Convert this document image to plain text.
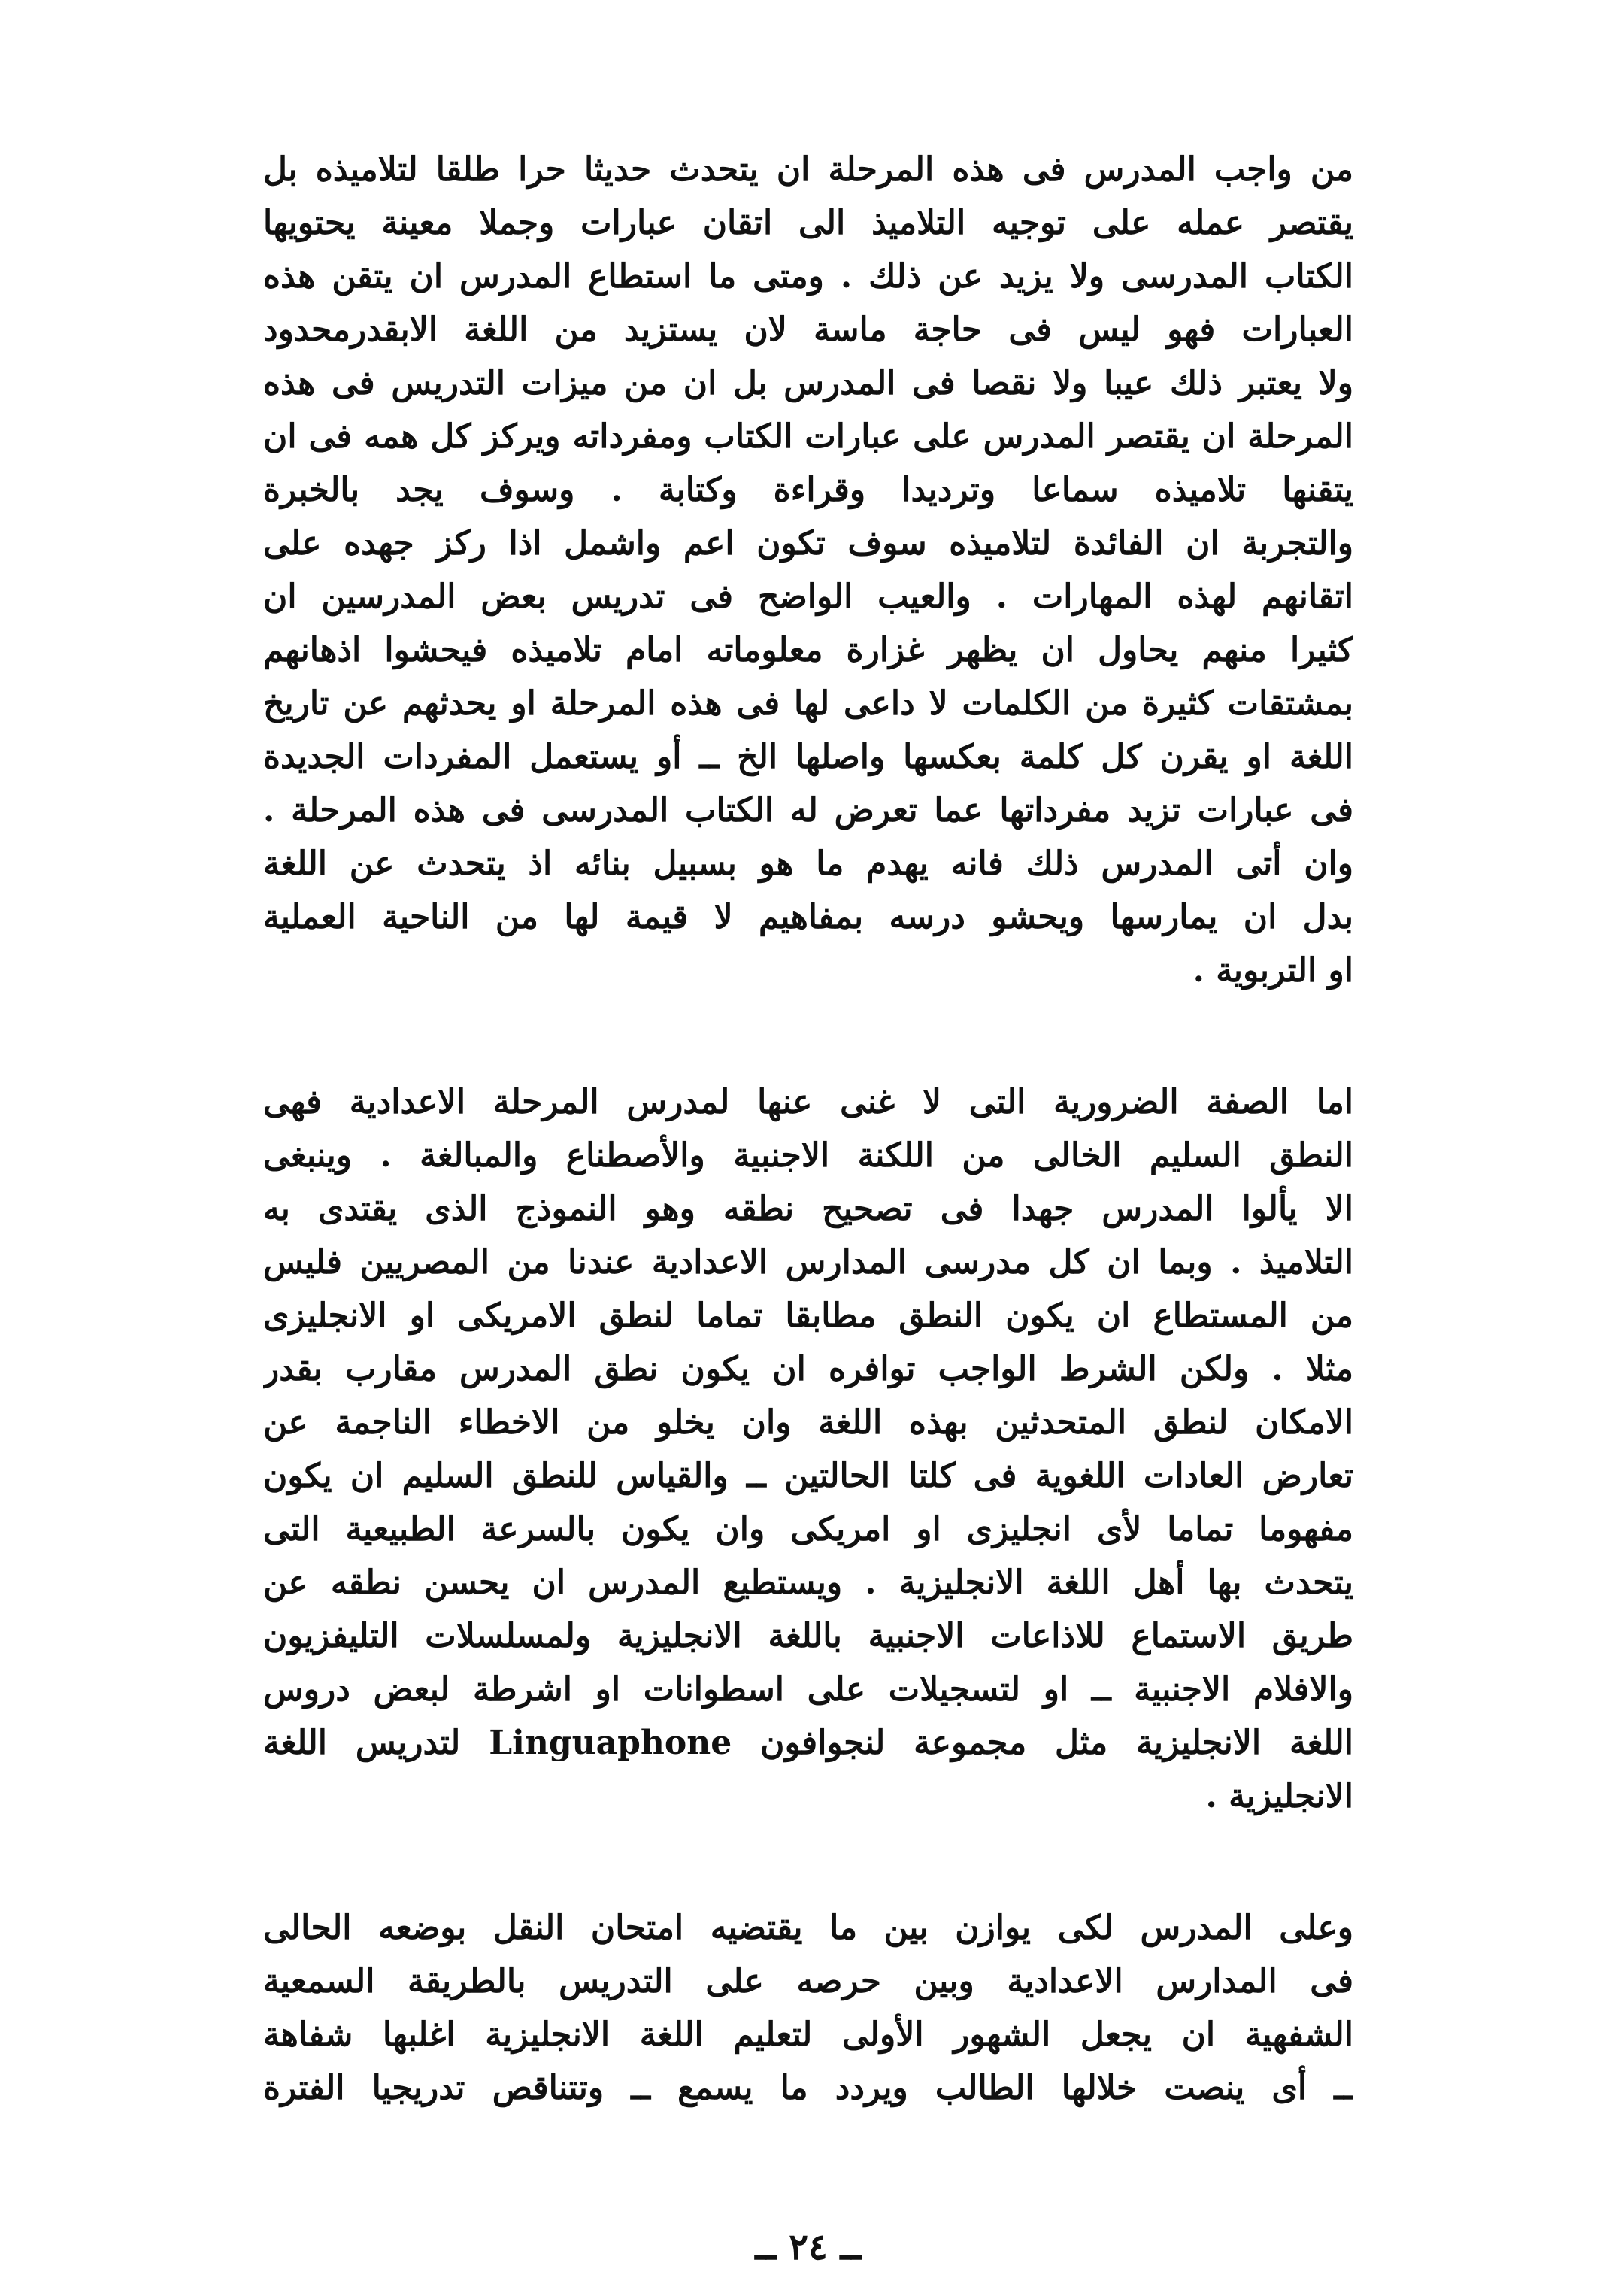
من واجب المدرس فى هذه المرحلة ان يتحدث حديثا حرا طلقا لتلاميذه بل
يقتصر عمله على توجيه التلاميذ الى اتقان عبارات وجملا معينة يحتويها
الكتاب المدرسى ولا يزيد عن ذلك . ومتى ما استطاع المدرس ان يتقن هذه
العبارات فهو ليس فى حاجة ماسة لان يستزيد من اللغة الابقدرمحدود
ولا يعتبر ذلك عيبا ولا نقصا فى المدرس بل ان من ميزات التدريس فى هذه
المرحلة ان يقتصر المدرس على عبارات الكتاب ومفرداته ويركز كل همه فى ان
يتقنها تلاميذه سماعا وترديدا وقراءة وكتابة . وسوف يجد بالخبرة
والتجربة ان الفائدة لتلاميذه سوف تكون اعم واشمل اذا ركز جهده على
اتقانهم لهذه المهارات . والعيب الواضح فى تدريس بعض المدرسين ان
كثيرا منهم يحاول ان يظهر غزارة معلوماته امام تلاميذه فيحشوا اذهانهم
بمشتقات كثيرة من الكلمات لا داعى لها فى هذه المرحلة او يحدثهم عن تاريخ
اللغة او يقرن كل كلمة بعكسها واصلها الخ ــ أو يستعمل المفردات الجديدة
فى عبارات تزيد مفرداتها عما تعرض له الكتاب المدرسى فى هذه المرحلة .
وان أتى المدرس ذلك فانه يهدم ما هو بسبيل بنائه اذ يتحدث عن اللغة
بدل ان يمارسها ويحشو درسه بمفاهيم لا قيمة لها من الناحية العملية
او التربوية .
اما الصفة الضرورية التى لا غنى عنها لمدرس المرحلة الاعدادية فهى
النطق السليم الخالى من اللكنة الاجنبية والأصطناع والمبالغة . وينبغى
الا يألوا المدرس جهدا فى تصحيح نطقه وهو النموذج الذى يقتدى به
التلاميذ . وبما ان كل مدرسى المدارس الاعدادية عندنا من المصريين فليس
من المستطاع ان يكون النطق مطابقا تماما لنطق الامريكى او الانجليزى
مثلا . ولكن الشرط الواجب توافره ان يكون نطق المدرس مقارب بقدر
الامكان لنطق المتحدثين بهذه اللغة وان يخلو من الاخطاء الناجمة عن
تعارض العادات اللغوية فى كلتا الحالتين ــ والقياس للنطق السليم ان يكون
مفهوما تماما لأى انجليزى او امريكى وان يكون بالسرعة الطبيعية التى
يتحدث بها أهل اللغة الانجليزية . ويستطيع المدرس ان يحسن نطقه عن
طريق الاستماع للاذاعات الاجنبية باللغة الانجليزية ولمسلسلات التليفزيون
والافلام الاجنبية ــ او لتسجيلات على اسطوانات او اشرطة لبعض دروس
اللغة الانجليزية مثل مجموعة لنجوافون Linguaphone لتدريس اللغة
الانجليزية .
وعلى المدرس لكى يوازن بين ما يقتضيه امتحان النقل بوضعه الحالى
فى المدارس الاعدادية وبين حرصه على التدريس بالطريقة السمعية
الشفهية ان يجعل الشهور الأولى لتعليم اللغة الانجليزية اغلبها شفاهة
ــ أى ينصت خلالها الطالب ويردد ما يسمع ــ وتتناقص تدريجيا الفترة
ــ ٢٤ ــ
